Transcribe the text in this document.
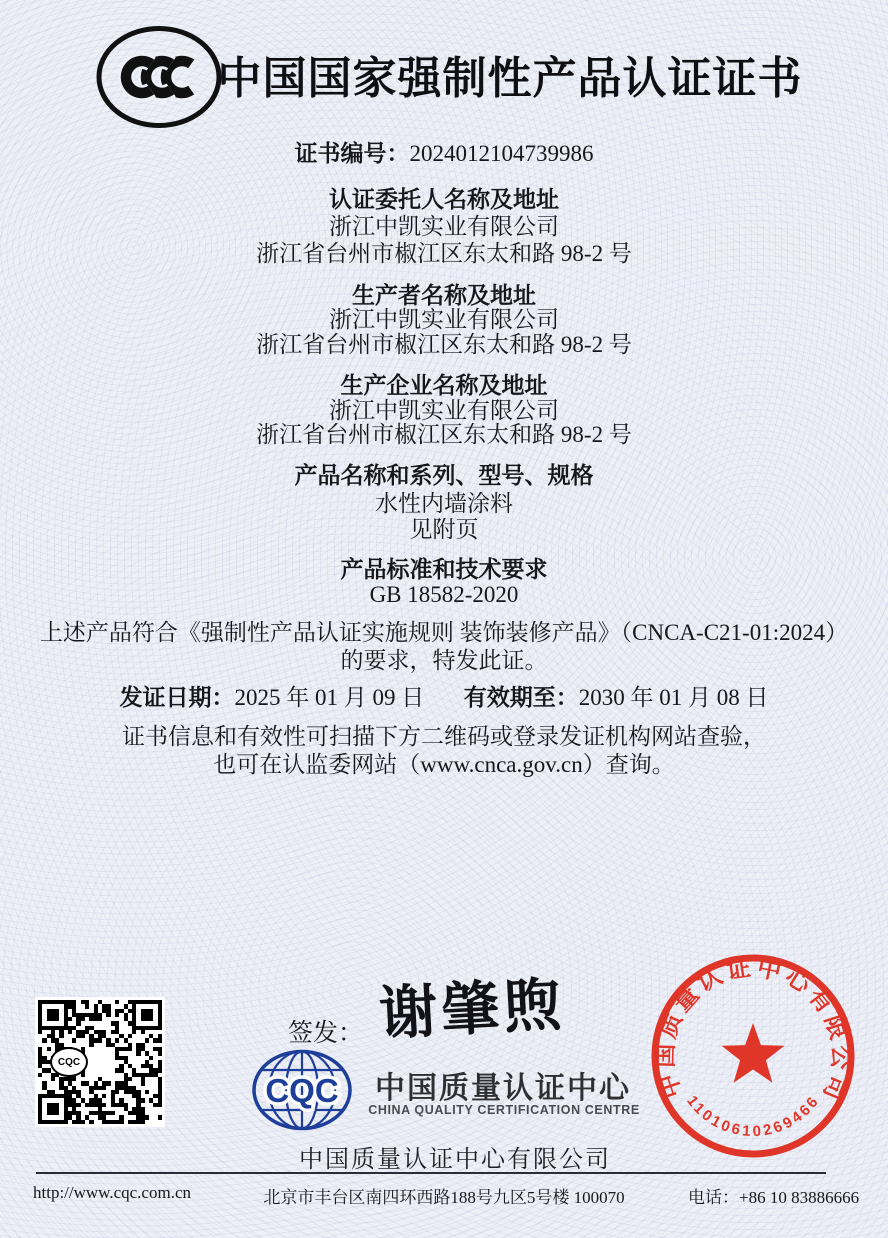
中国国家强制性产品认证证书
证书编号：2024012104739986
认证委托人名称及地址
浙江中凯实业有限公司
浙江省台州市椒江区东太和路 98-2 号
生产者名称及地址
浙江中凯实业有限公司
浙江省台州市椒江区东太和路 98-2 号
生产企业名称及地址
浙江中凯实业有限公司
浙江省台州市椒江区东太和路 98-2 号
产品名称和系列、型号、规格
水性内墙涂料
见附页
产品标准和技术要求
GB 18582-2020
上述产品符合《强制性产品认证实施规则 装饰装修产品》（CNCA-C21-01:2024）
的要求，特发此证。
发证日期：2025 年 01 月 09 日 有效期至：2030 年 01 月 08 日
证书信息和有效性可扫描下方二维码或登录发证机构网站查验，
也可在认监委网站（www.cnca.gov.cn）查询。
CQC
签发： 谢肇煦
CQC 中国质量认证中心
CHINA QUALITY CERTIFICATION CENTRE
中国质量认证中心有限公司
中国质量认证中心有限公司
11010610269466
http://www.cqc.com.cn	北京市丰台区南四环西路188号九区5号楼 100070	电话：+86 10 83886666
